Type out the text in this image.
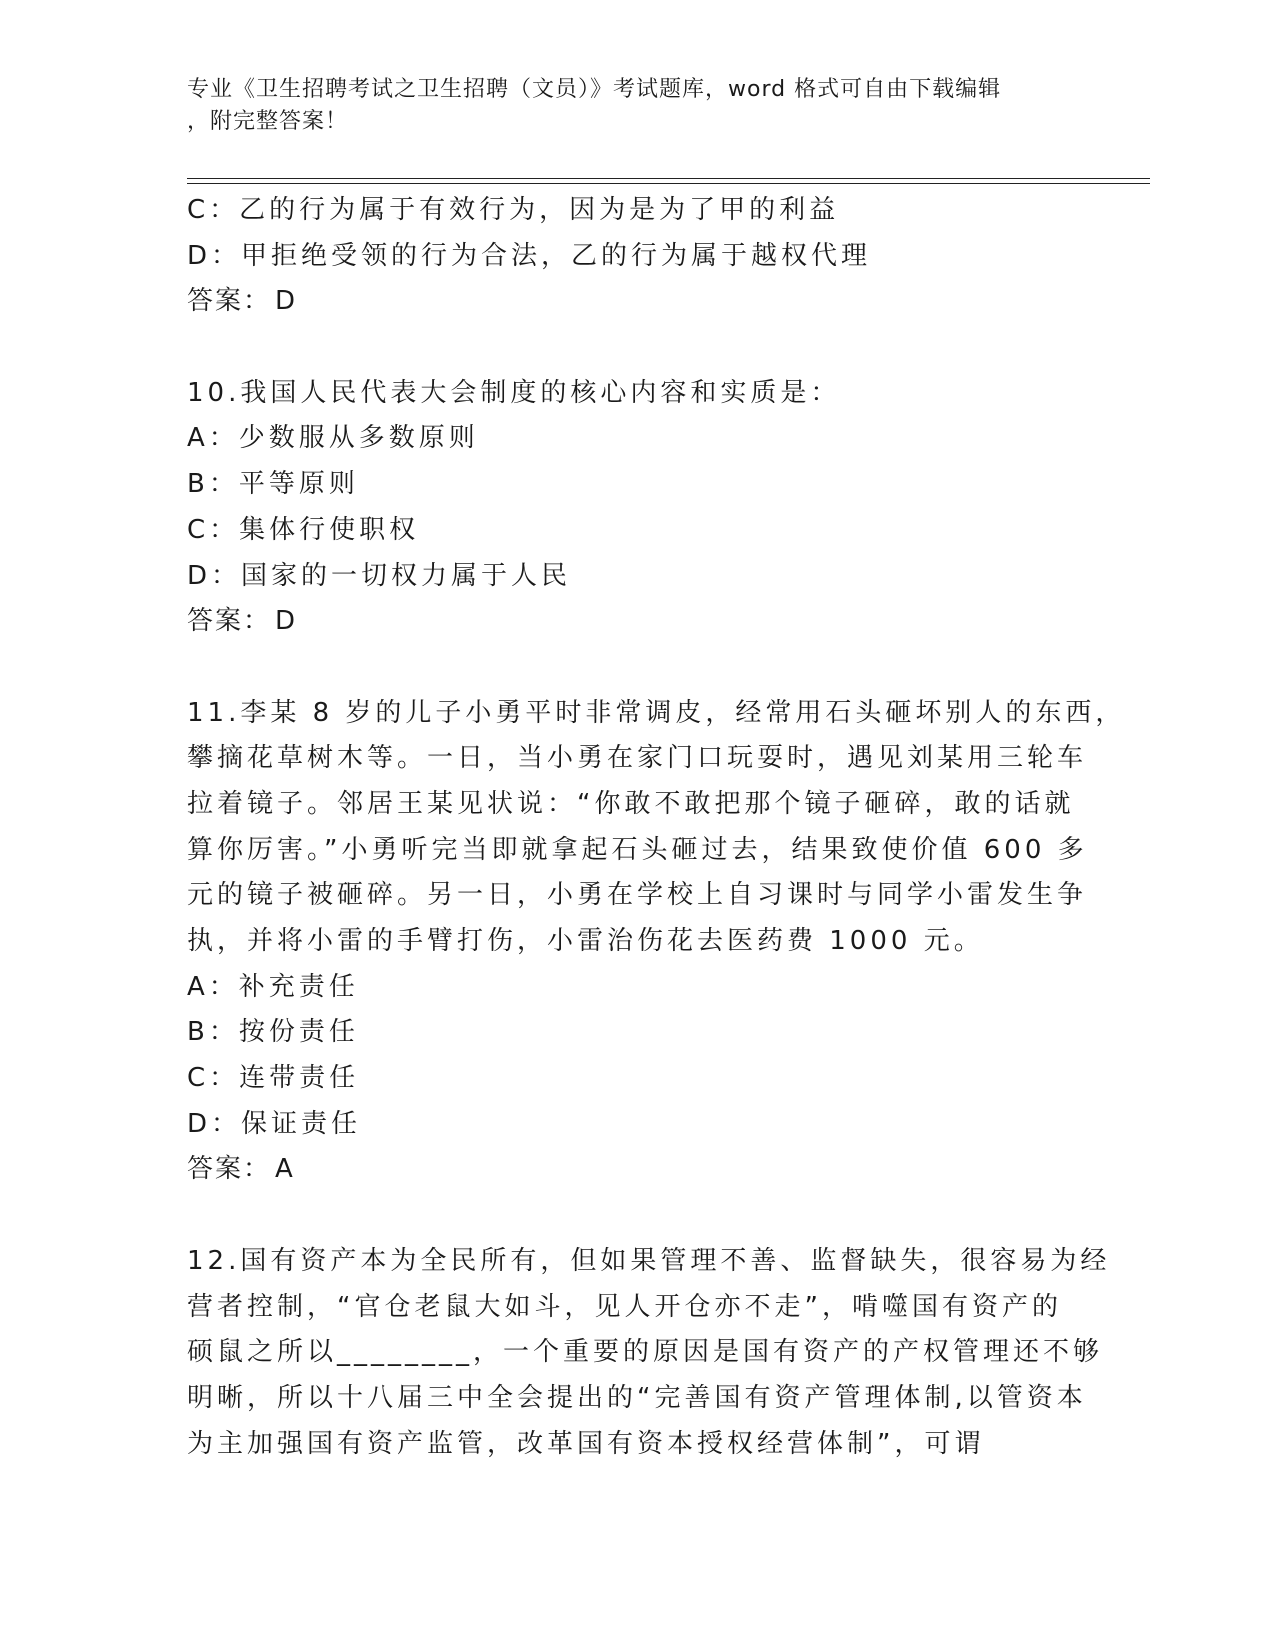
专业《卫生招聘考试之卫生招聘（文员）》考试题库，word 格式可自由下载编辑
，附完整答案！
C：乙的行为属于有效行为，因为是为了甲的利益
D：甲拒绝受领的行为合法，乙的行为属于越权代理
答案： D
10.我国人民代表大会制度的核心内容和实质是：
A：少数服从多数原则
B：平等原则
C：集体行使职权
D：国家的一切权力属于人民
答案： D
11.李某 8 岁的儿子小勇平时非常调皮，经常用石头砸坏别人的东西，
攀摘花草树木等。一日，当小勇在家门口玩耍时，遇见刘某用三轮车
拉着镜子。邻居王某见状说：“你敢不敢把那个镜子砸碎，敢的话就
算你厉害。”小勇听完当即就拿起石头砸过去，结果致使价值 600 多
元的镜子被砸碎。另一日，小勇在学校上自习课时与同学小雷发生争
执，并将小雷的手臂打伤，小雷治伤花去医药费 1000 元。
A：补充责任
B：按份责任
C：连带责任
D：保证责任
答案： A
12.国有资产本为全民所有，但如果管理不善、监督缺失，很容易为经
营者控制，“官仓老鼠大如斗，见人开仓亦不走”，啃噬国有资产的
硕鼠之所以________，一个重要的原因是国有资产的产权管理还不够
明晰，所以十八届三中全会提出的“完善国有资产管理体制,以管资本
为主加强国有资产监管，改革国有资本授权经营体制”，可谓
